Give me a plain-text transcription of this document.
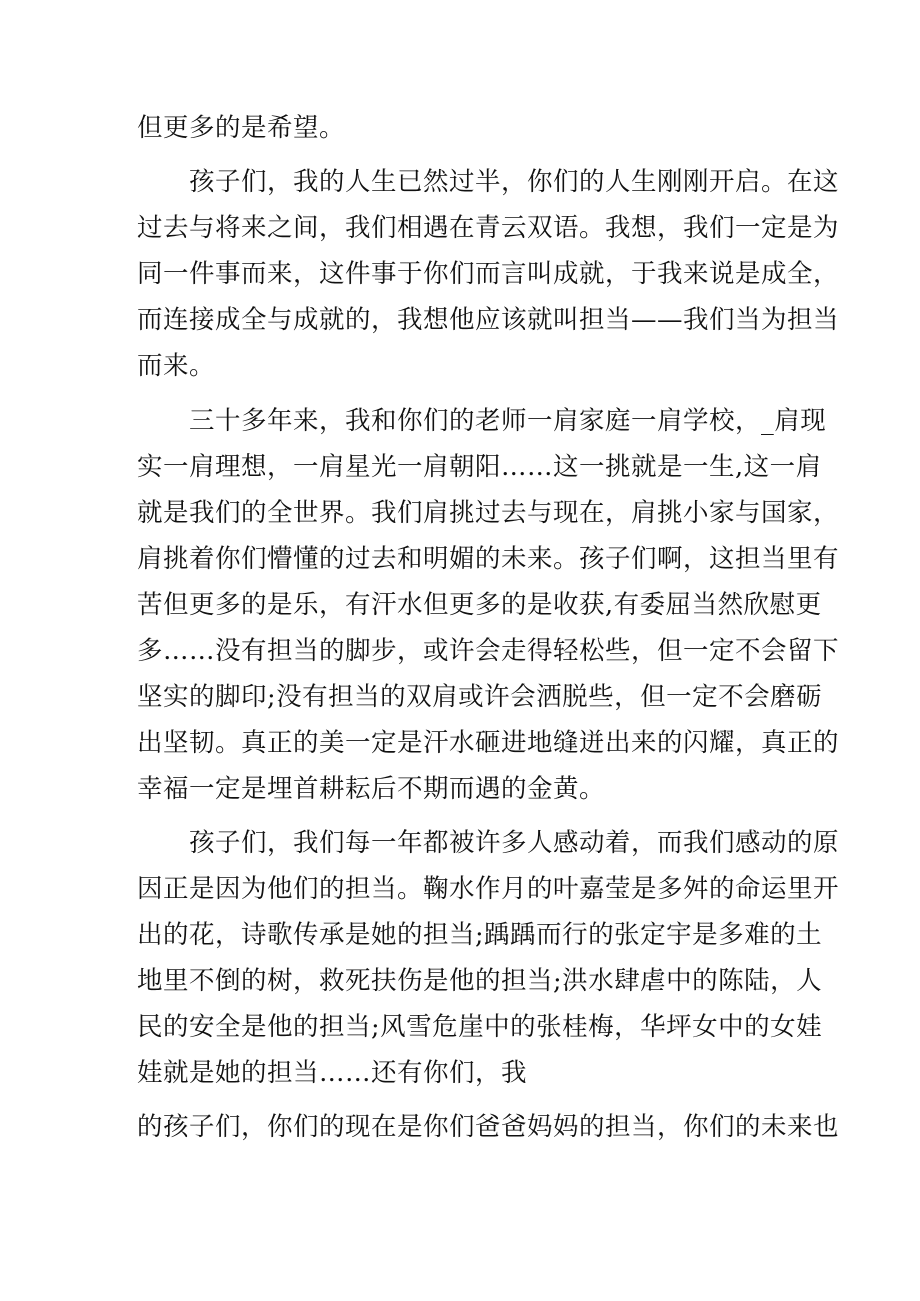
但更多的是希望。
孩子们，我的人生已然过半，你们的人生刚刚开启。在这
过去与将来之间，我们相遇在青云双语。我想，我们一定是为
同一件事而来，这件事于你们而言叫成就，于我来说是成全，
而连接成全与成就的，我想他应该就叫担当——我们当为担当
而来。
三十多年来，我和你们的老师一肩家庭一肩学校，_肩现
实一肩理想，一肩星光一肩朝阳……这一挑就是一生,这一肩
就是我们的全世界。我们肩挑过去与现在，肩挑小家与国家，
肩挑着你们懵懂的过去和明媚的未来。孩子们啊，这担当里有
苦但更多的是乐，有汗水但更多的是收获,有委屈当然欣慰更
多……没有担当的脚步，或许会走得轻松些，但一定不会留下
坚实的脚印;没有担当的双肩或许会洒脱些，但一定不会磨砺
出坚韧。真正的美一定是汗水砸进地缝迸出来的闪耀，真正的
幸福一定是埋首耕耘后不期而遇的金黄。
孩子们，我们每一年都被许多人感动着，而我们感动的原
因正是因为他们的担当。鞠水作月的叶嘉莹是多舛的命运里开
出的花，诗歌传承是她的担当;踽踽而行的张定宇是多难的土
地里不倒的树，救死扶伤是他的担当;洪水肆虐中的陈陆，人
民的安全是他的担当;风雪危崖中的张桂梅，华坪女中的女娃
娃就是她的担当……还有你们，我
的孩子们，你们的现在是你们爸爸妈妈的担当，你们的未来也
